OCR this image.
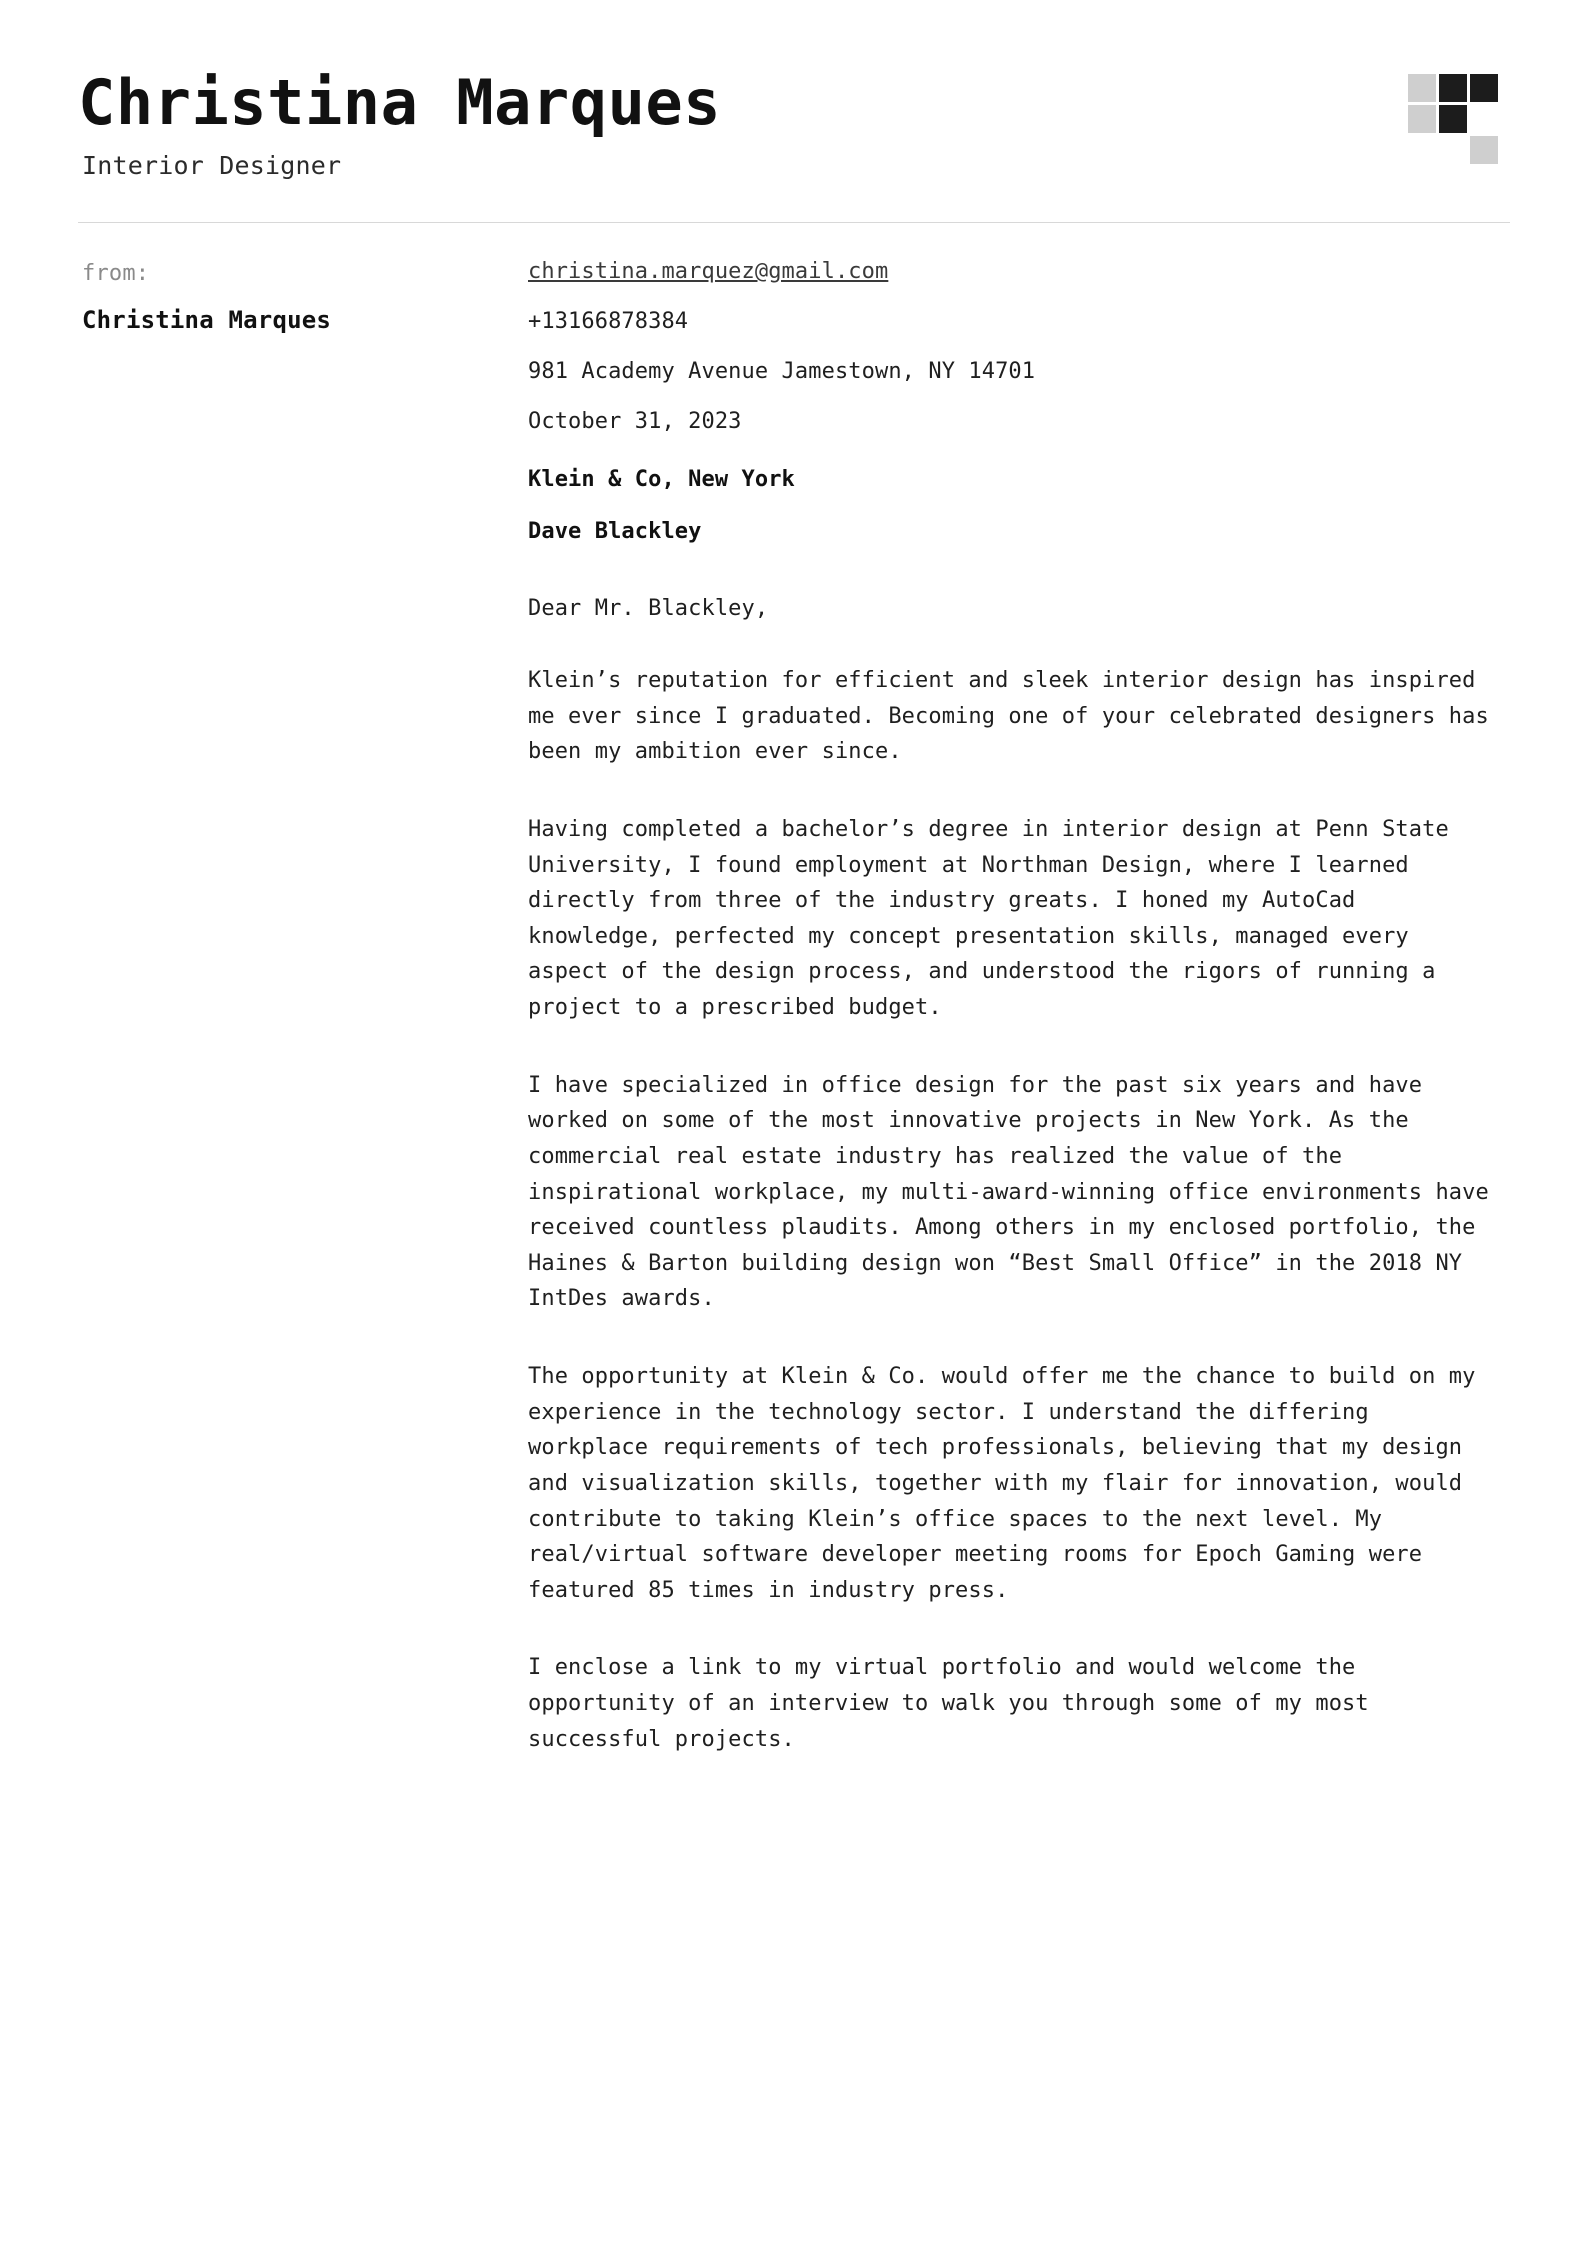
Christina Marques
Interior Designer
from:
Christina Marques
christina.marquez@gmail.com
+13166878384
981 Academy Avenue Jamestown, NY 14701
October 31, 2023
Klein & Co, New York
Dave Blackley
Dear Mr. Blackley,

Klein’s reputation for efficient and sleek interior design has inspired me ever since I graduated. Becoming one of your celebrated designers has been my ambition ever since.

Having completed a bachelor’s degree in interior design at Penn State University, I found employment at Northman Design, where I learned directly from three of the industry greats. I honed my AutoCad knowledge, perfected my concept presentation skills, managed every aspect of the design process, and understood the rigors of running a project to a prescribed budget.

I have specialized in office design for the past six years and have worked on some of the most innovative projects in New York. As the commercial real estate industry has realized the value of the inspirational workplace, my multi-award-winning office environments have received countless plaudits. Among others in my enclosed portfolio, the Haines & Barton building design won “Best Small Office” in the 2018 NY IntDes awards.

The opportunity at Klein & Co. would offer me the chance to build on my experience in the technology sector. I understand the differing workplace requirements of tech professionals, believing that my design and visualization skills, together with my flair for innovation, would contribute to taking Klein’s office spaces to the next level. My real/virtual software developer meeting rooms for Epoch Gaming were featured 85 times in industry press.

I enclose a link to my virtual portfolio and would welcome the opportunity of an interview to walk you through some of my most successful projects.
